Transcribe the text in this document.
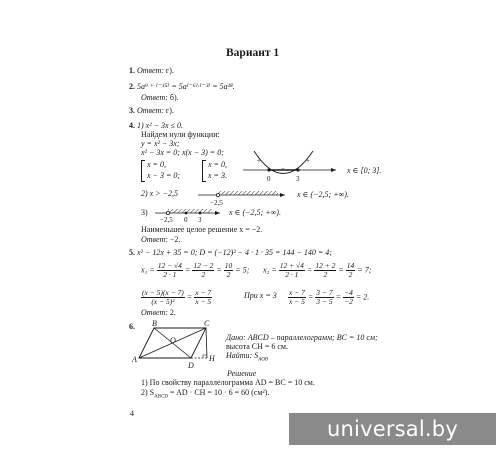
Вариант 1
1. Ответ: г).
2. 5a⁹ ⁺ ⁽⁻¹⁵⁾ = 5a⁽⁻⁶⁾·⁽⁻³⁾ = 5a¹⁸.
Ответ: б).
3. Ответ: г).
4. 1) x² − 3x ≤ 0.
Найдем нули функции:
y = x² − 3x;
x² − 3x = 0; x(x − 3) = 0;
x = 0,
x − 3 = 0;
x = 0,
x = 3.
+	+
−
0	3
x ∈ [0; 3].
2) x > −2,5
−2,5
x ∈ (−2,5; +∞).
3)
−2,5 0 3
x ∈ (−2,5; +∞).
Наименьшее целое решение x = −2.
Ответ: −2.
5. x² − 12x + 35 = 0; D = (−12)² − 4 · 1 · 35 = 144 − 140 = 4;
$x_1 = \frac{12 - √4}{2 \cdot 1} = \frac{12 - 2}{2} = \frac{10}{2} = 5$; $x_2 = \frac{12 + √4}{2 \cdot 1} = \frac{12 + 2}{2} = \frac{14}{2} = 7$;
$\frac{(x - 5)(x - 7)}{\text{(x − 5)²}} = \frac{x - 7}{x - 5}$	При $x = 3 \frac{x - 7}{x - 5} = \frac{3 - 7}{3 - 5} = \frac{-4}{-2} = 2$.
Ответ: 2.
6.
A
B	C
D
H
O	Дано: ABCD – параллелограмм; BC = 10 см;
высота CH = 6 см.
Найти: $S_{AOB}$
Решение
1) По свойству параллелограмма AD = BC = 10 см.
2) $S_{ABCD}$ = AD · CH = 10 · 6 = 60 (см²).
4
universal.by
